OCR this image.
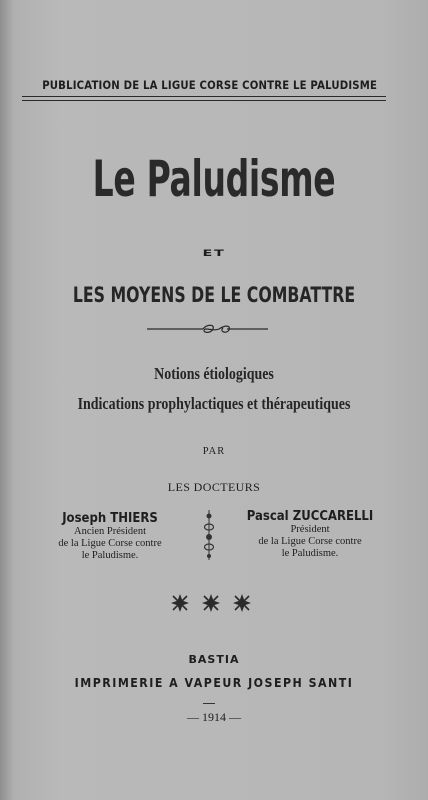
PUBLICATION DE LA LIGUE CORSE CONTRE LE PALUDISME
Le Paludisme
ET
LES MOYENS DE LE COMBATTRE
Notions étiologiques
Indications prophylactiques et thérapeutiques
PAR
LES DOCTEURS
Joseph THIERS
Ancien Président
de la Ligue Corse contre
le Paludisme.
Pascal ZUCCARELLI
Président
de la Ligue Corse contre
le Paludisme.
BASTIA
IMPRIMERIE A VAPEUR JOSEPH SANTI
— 1914 —
